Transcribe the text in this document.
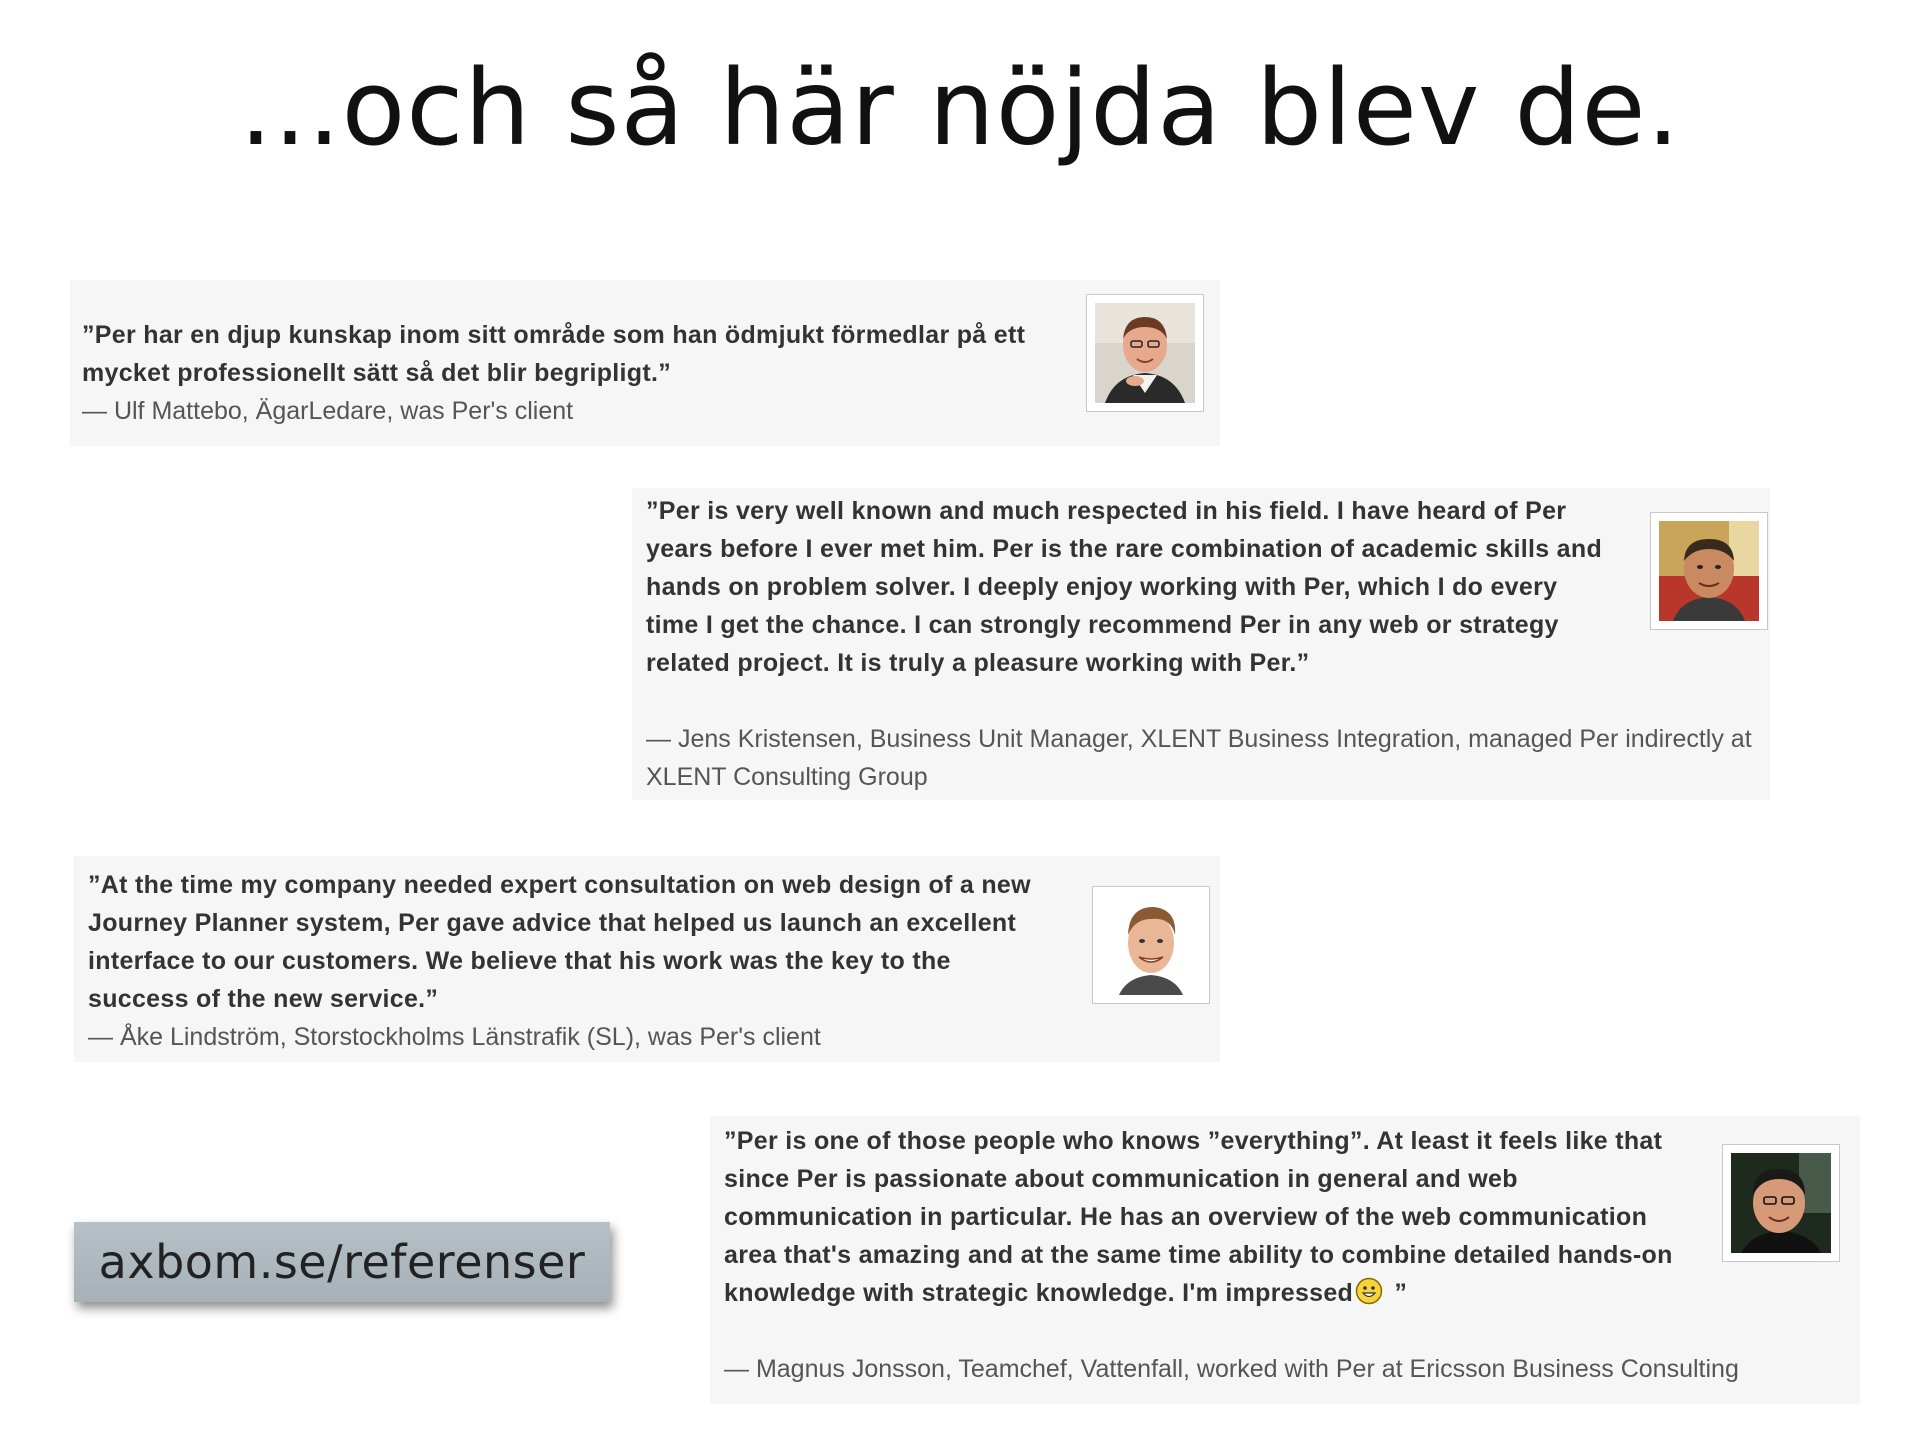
...och så här nöjda blev de.
”Per har en djup kunskap inom sitt område som han ödmjukt förmedlar på ett mycket professionellt sätt så det blir begripligt.”
— Ulf Mattebo, ÄgarLedare, was Per's client
”Per is very well known and much respected in his field. I have heard of Per years before I ever met him. Per is the rare combination of academic skills and hands on problem solver. I deeply enjoy working with Per, which I do every time I get the chance. I can strongly recommend Per in any web or strategy related project. It is truly a pleasure working with Per.”
— Jens Kristensen, Business Unit Manager, XLENT Business Integration, managed Per indirectly at XLENT Consulting Group
”At the time my company needed expert consultation on web design of a new Journey Planner system, Per gave advice that helped us launch an excellent interface to our customers. We believe that his work was the key to the success of the new service.”
— Åke Lindström, Storstockholms Länstrafik (SL), was Per's client
”Per is one of those people who knows ”everything”. At least it feels like that since Per is passionate about communication in general and web communication in particular. He has an overview of the web communication area that's amazing and at the same time ability to combine detailed hands-on knowledge with strategic knowledge. I'm impressed ”
— Magnus Jonsson, Teamchef, Vattenfall, worked with Per at Ericsson Business Consulting
axbom.se/referenser
